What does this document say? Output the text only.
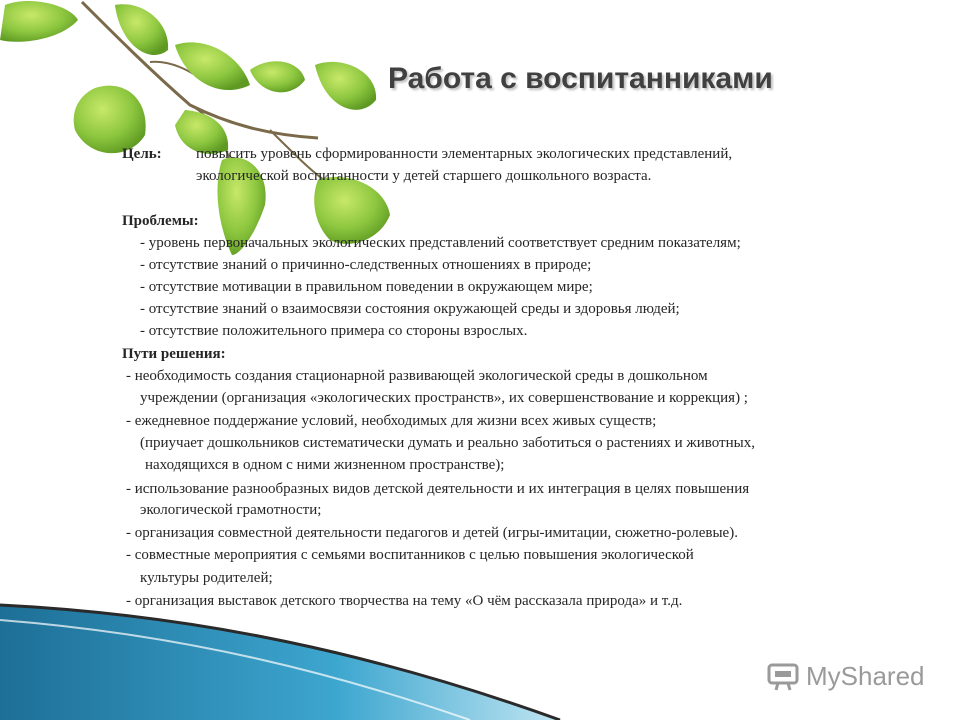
Работа с воспитанниками
Цель: повысить уровень сформированности элементарных экологических представлений,
экологической воспитанности у детей старшего дошкольного возраста.
Проблемы:
- уровень первоначальных экологических представлений соответствует средним показателям;
- отсутствие знаний о причинно-следственных отношениях в природе;
- отсутствие мотивации в правильном поведении в окружающем мире;
- отсутствие знаний о взаимосвязи состояния окружающей среды и здоровья людей;
- отсутствие положительного примера со стороны взрослых.
Пути решения:
- необходимость создания стационарной развивающей экологической среды в дошкольном
учреждении (организация «экологических пространств», их совершенствование и коррекция) ;
- ежедневное поддержание условий, необходимых для жизни всех живых существ;
(приучает дошкольников систематически думать и реально заботиться о растениях и животных,
находящихся в одном с ними жизненном пространстве);
- использование разнообразных видов детской деятельности и их интеграция в целях повышения
экологической грамотности;
- организация совместной деятельности педагогов и детей (игры-имитации, сюжетно-ролевые).
- совместные мероприятия с семьями воспитанников с целью повышения экологической
культуры родителей;
- организация выставок детского творчества на тему «О чём рассказала природа» и т.д.
MyShared
